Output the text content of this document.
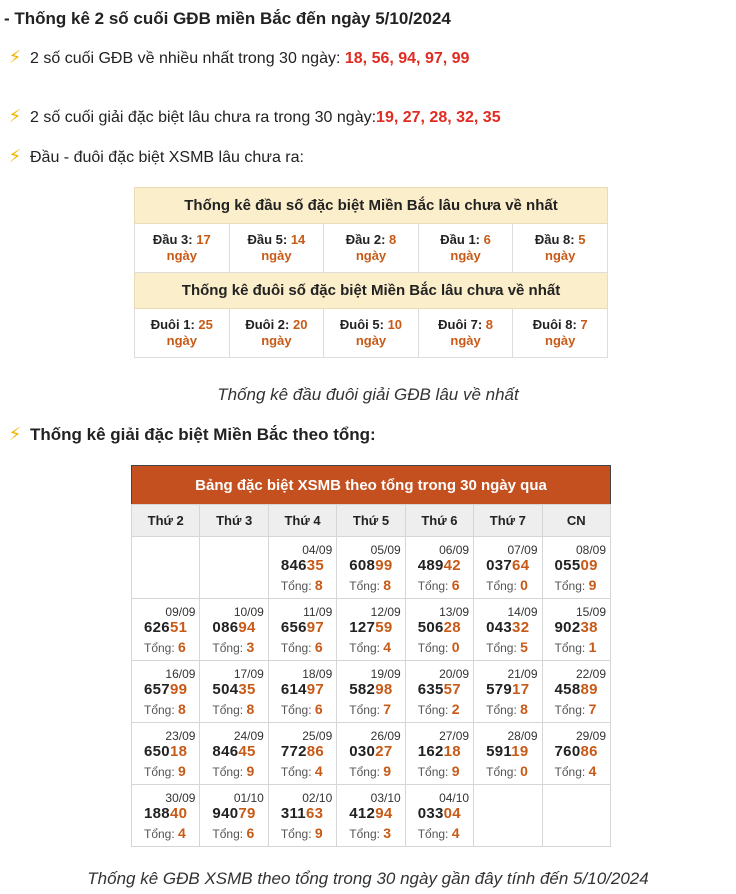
- Thống kê 2 số cuối GĐB miền Bắc đến ngày 5/10/2024
⚡ 2 số cuối GĐB về nhiều nhất trong 30 ngày: 18, 56, 94, 97, 99
⚡ 2 số cuối giải đặc biệt lâu chưa ra trong 30 ngày:19, 27, 28, 32, 35
⚡ Đầu - đuôi đặc biệt XSMB lâu chưa ra:
Thống kê đầu số đặc biệt Miền Bắc lâu chưa về nhất				
Đầu 3: 17
ngày	Đầu 5: 14
ngày	Đầu 2: 8
ngày	Đầu 1: 6
ngày	Đầu 8: 5
ngày
Thống kê đuôi số đặc biệt Miền Bắc lâu chưa về nhất				
Đuôi 1: 25
ngày	Đuôi 2: 20
ngày	Đuôi 5: 10
ngày	Đuôi 7: 8
ngày	Đuôi 8: 7
ngày
Thống kê đầu đuôi giải GĐB lâu về nhất
⚡ Thống kê giải đặc biệt Miền Bắc theo tổng:
Bảng đặc biệt XSMB theo tổng trong 30 ngày qua						
Thứ 2	Thứ 3	Thứ 4	Thứ 5	Thứ 6	Thứ 7	CN

		04/09
84635
Tổng: 8	05/09
60899
Tổng: 8	06/09
48942
Tổng: 6	07/09
03764
Tổng: 0	08/09
05509
Tổng: 9

09/09
62651
Tổng: 6	10/09
08694
Tổng: 3	11/09
65697
Tổng: 6	12/09
12759
Tổng: 4	13/09
50628
Tổng: 0	14/09
04332
Tổng: 5	15/09
90238
Tổng: 1

16/09
65799
Tổng: 8	17/09
50435
Tổng: 8	18/09
61497
Tổng: 6	19/09
58298
Tổng: 7	20/09
63557
Tổng: 2	21/09
57917
Tổng: 8	22/09
45889
Tổng: 7

23/09
65018
Tổng: 9	24/09
84645
Tổng: 9	25/09
77286
Tổng: 4	26/09
03027
Tổng: 9	27/09
16218
Tổng: 9	28/09
59119
Tổng: 0	29/09
76086
Tổng: 4

30/09
18840
Tổng: 4	01/10
94079
Tổng: 6	02/10
31163
Tổng: 9	03/10
41294
Tổng: 3	04/10
03304
Tổng: 4		

Thống kê GĐB XSMB theo tổng trong 30 ngày gần đây tính đến 5/10/2024
